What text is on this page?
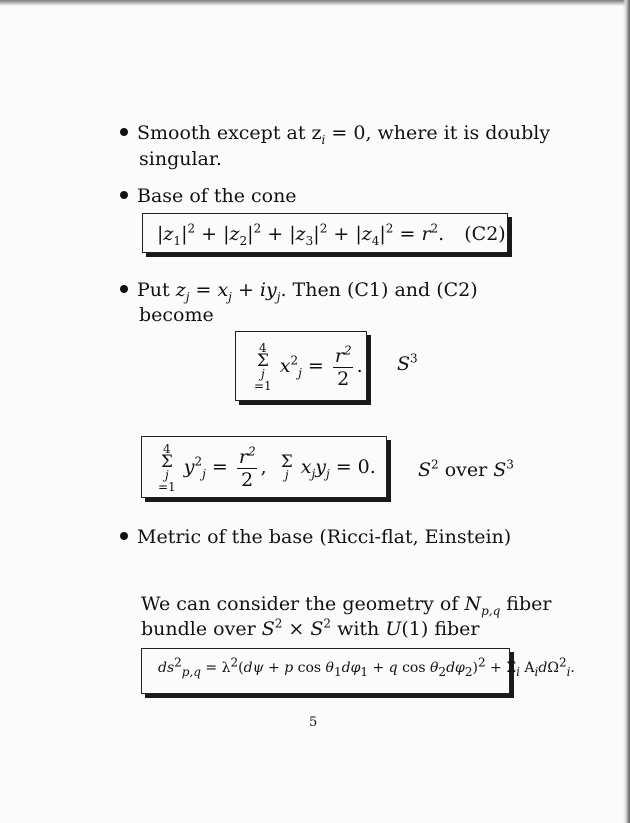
Smooth except at $z_i = 0$, where it is doubly
singular.
Base of the cone
$|z_1|^2 + |z_2|^2 + |z_3|^2 + |z_4|^2 = r^2$. (C2)
Put $z_j = x_j + iy_j$. Then (C1) and (C2)
become
4
Σ
j
=1
$x^2_j = \frac{r^2}{2}$ . $S^3$
4
Σ
j
=1
$y^2_j = \frac{r^2}{2}$ ,
Σ
j
$x_jy_j = 0$.	$S^2$ over $S^3$
Metric of the base (Ricci-flat, Einstein)
We can consider the geometry of $N_{p,q}$ fiber
bundle over $S^2 \times S^2$ with U(1) fiber
$ds^2_{p,q} = \lambda^2(d\psi + p$ $\cos \theta_1d\varphi_1 + q$ $\cos \theta_2d\varphi_2)^2 + \Sigma_i$ $A_id\Omega^2_i$.
5
